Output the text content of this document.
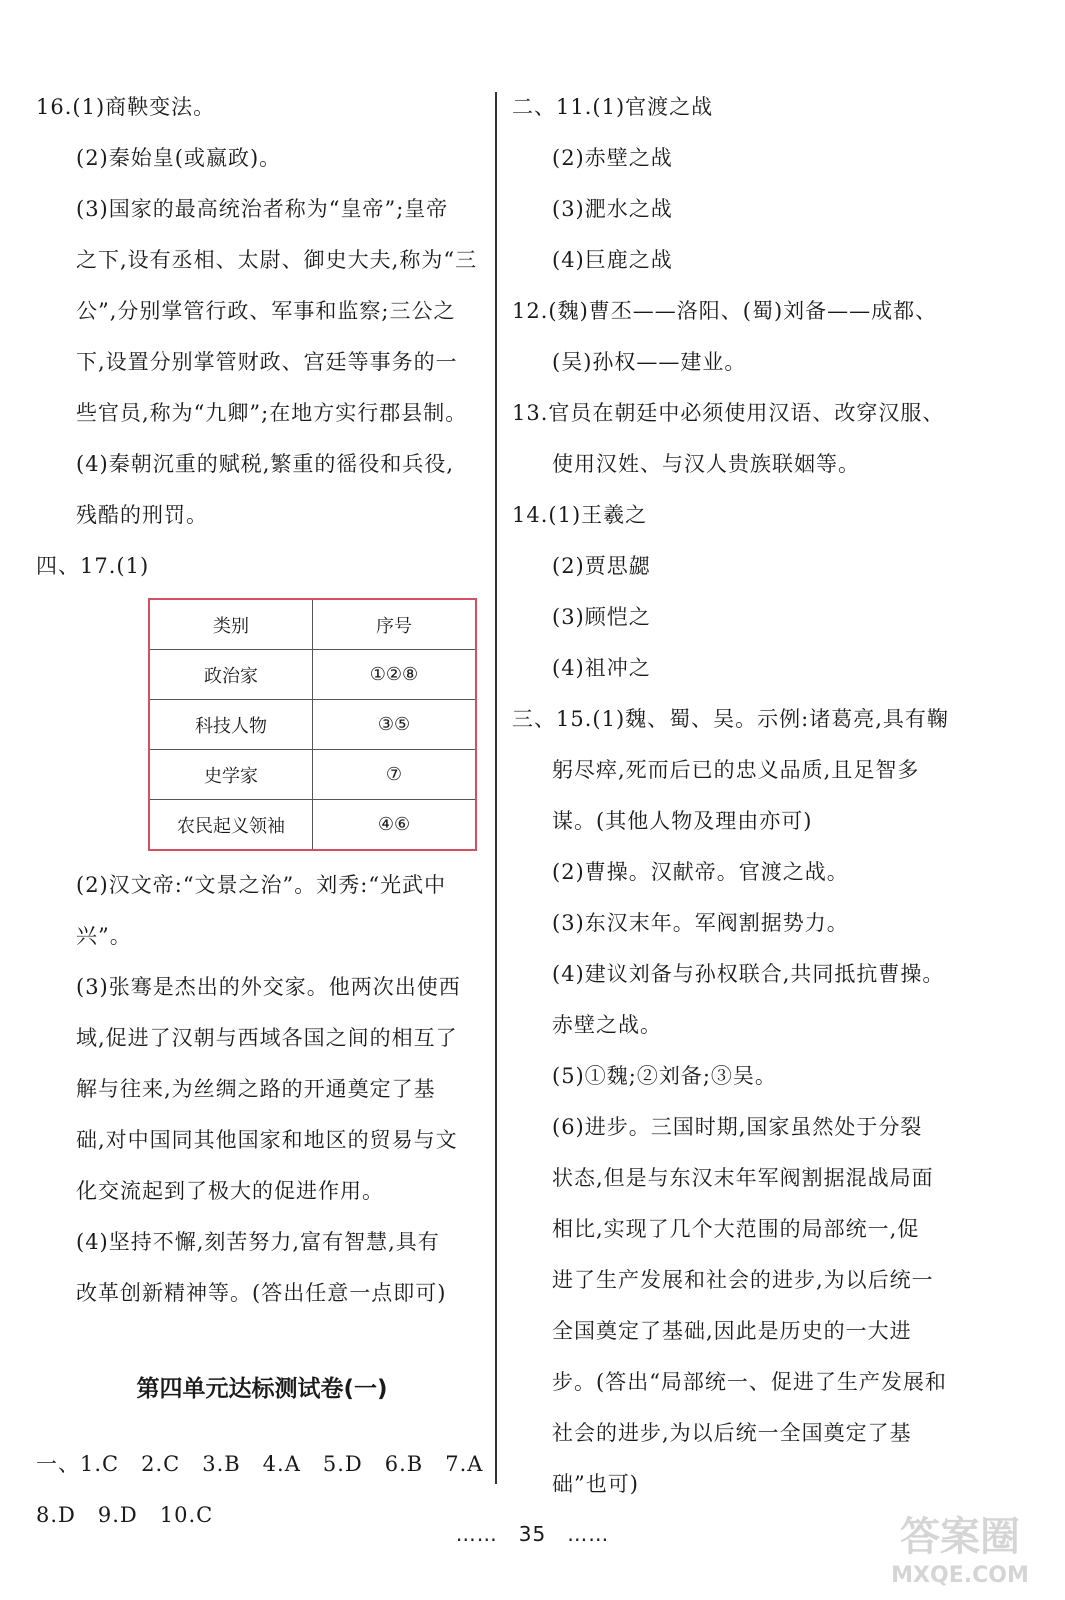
16.(1)商鞅变法。
(2)秦始皇(或嬴政)。
(3)国家的最高统治者称为“皇帝”;皇帝
之下,设有丞相、太尉、御史大夫,称为“三
公”,分别掌管行政、军事和监察;三公之
下,设置分别掌管财政、宫廷等事务的一
些官员,称为“九卿”;在地方实行郡县制。
(4)秦朝沉重的赋税,繁重的徭役和兵役,
残酷的刑罚。
四、17.(1)
类别	序号
政治家	①②⑧
科技人物	③⑤
史学家	⑦
农民起义领袖	④⑥
(2)汉文帝:“文景之治”。刘秀:“光武中
兴”。
(3)张骞是杰出的外交家。他两次出使西
域,促进了汉朝与西域各国之间的相互了
解与往来,为丝绸之路的开通奠定了基
础,对中国同其他国家和地区的贸易与文
化交流起到了极大的促进作用。
(4)坚持不懈,刻苦努力,富有智慧,具有
改革创新精神等。(答出任意一点即可)
第四单元达标测试卷(一)
一、1.C　2.C　3.B　4.A　5.D　6.B　7.A
8.D　9.D　10.C
二、11.(1)官渡之战
(2)赤壁之战
(3)淝水之战
(4)巨鹿之战
12.(魏)曹丕——洛阳、(蜀)刘备——成都、
(吴)孙权——建业。
13.官员在朝廷中必须使用汉语、改穿汉服、
使用汉姓、与汉人贵族联姻等。
14.(1)王羲之
(2)贾思勰
(3)顾恺之
(4)祖冲之
三、15.(1)魏、蜀、吴。示例:诸葛亮,具有鞠
躬尽瘁,死而后已的忠义品质,且足智多
谋。(其他人物及理由亦可)
(2)曹操。汉献帝。官渡之战。
(3)东汉末年。军阀割据势力。
(4)建议刘备与孙权联合,共同抵抗曹操。
赤壁之战。
(5)①魏;②刘备;③吴。
(6)进步。三国时期,国家虽然处于分裂
状态,但是与东汉末年军阀割据混战局面
相比,实现了几个大范围的局部统一,促
进了生产发展和社会的进步,为以后统一
全国奠定了基础,因此是历史的一大进
步。(答出“局部统一、促进了生产发展和
社会的进步,为以后统一全国奠定了基
础”也可)
……　35　……	答案圈
MXQE.COM
